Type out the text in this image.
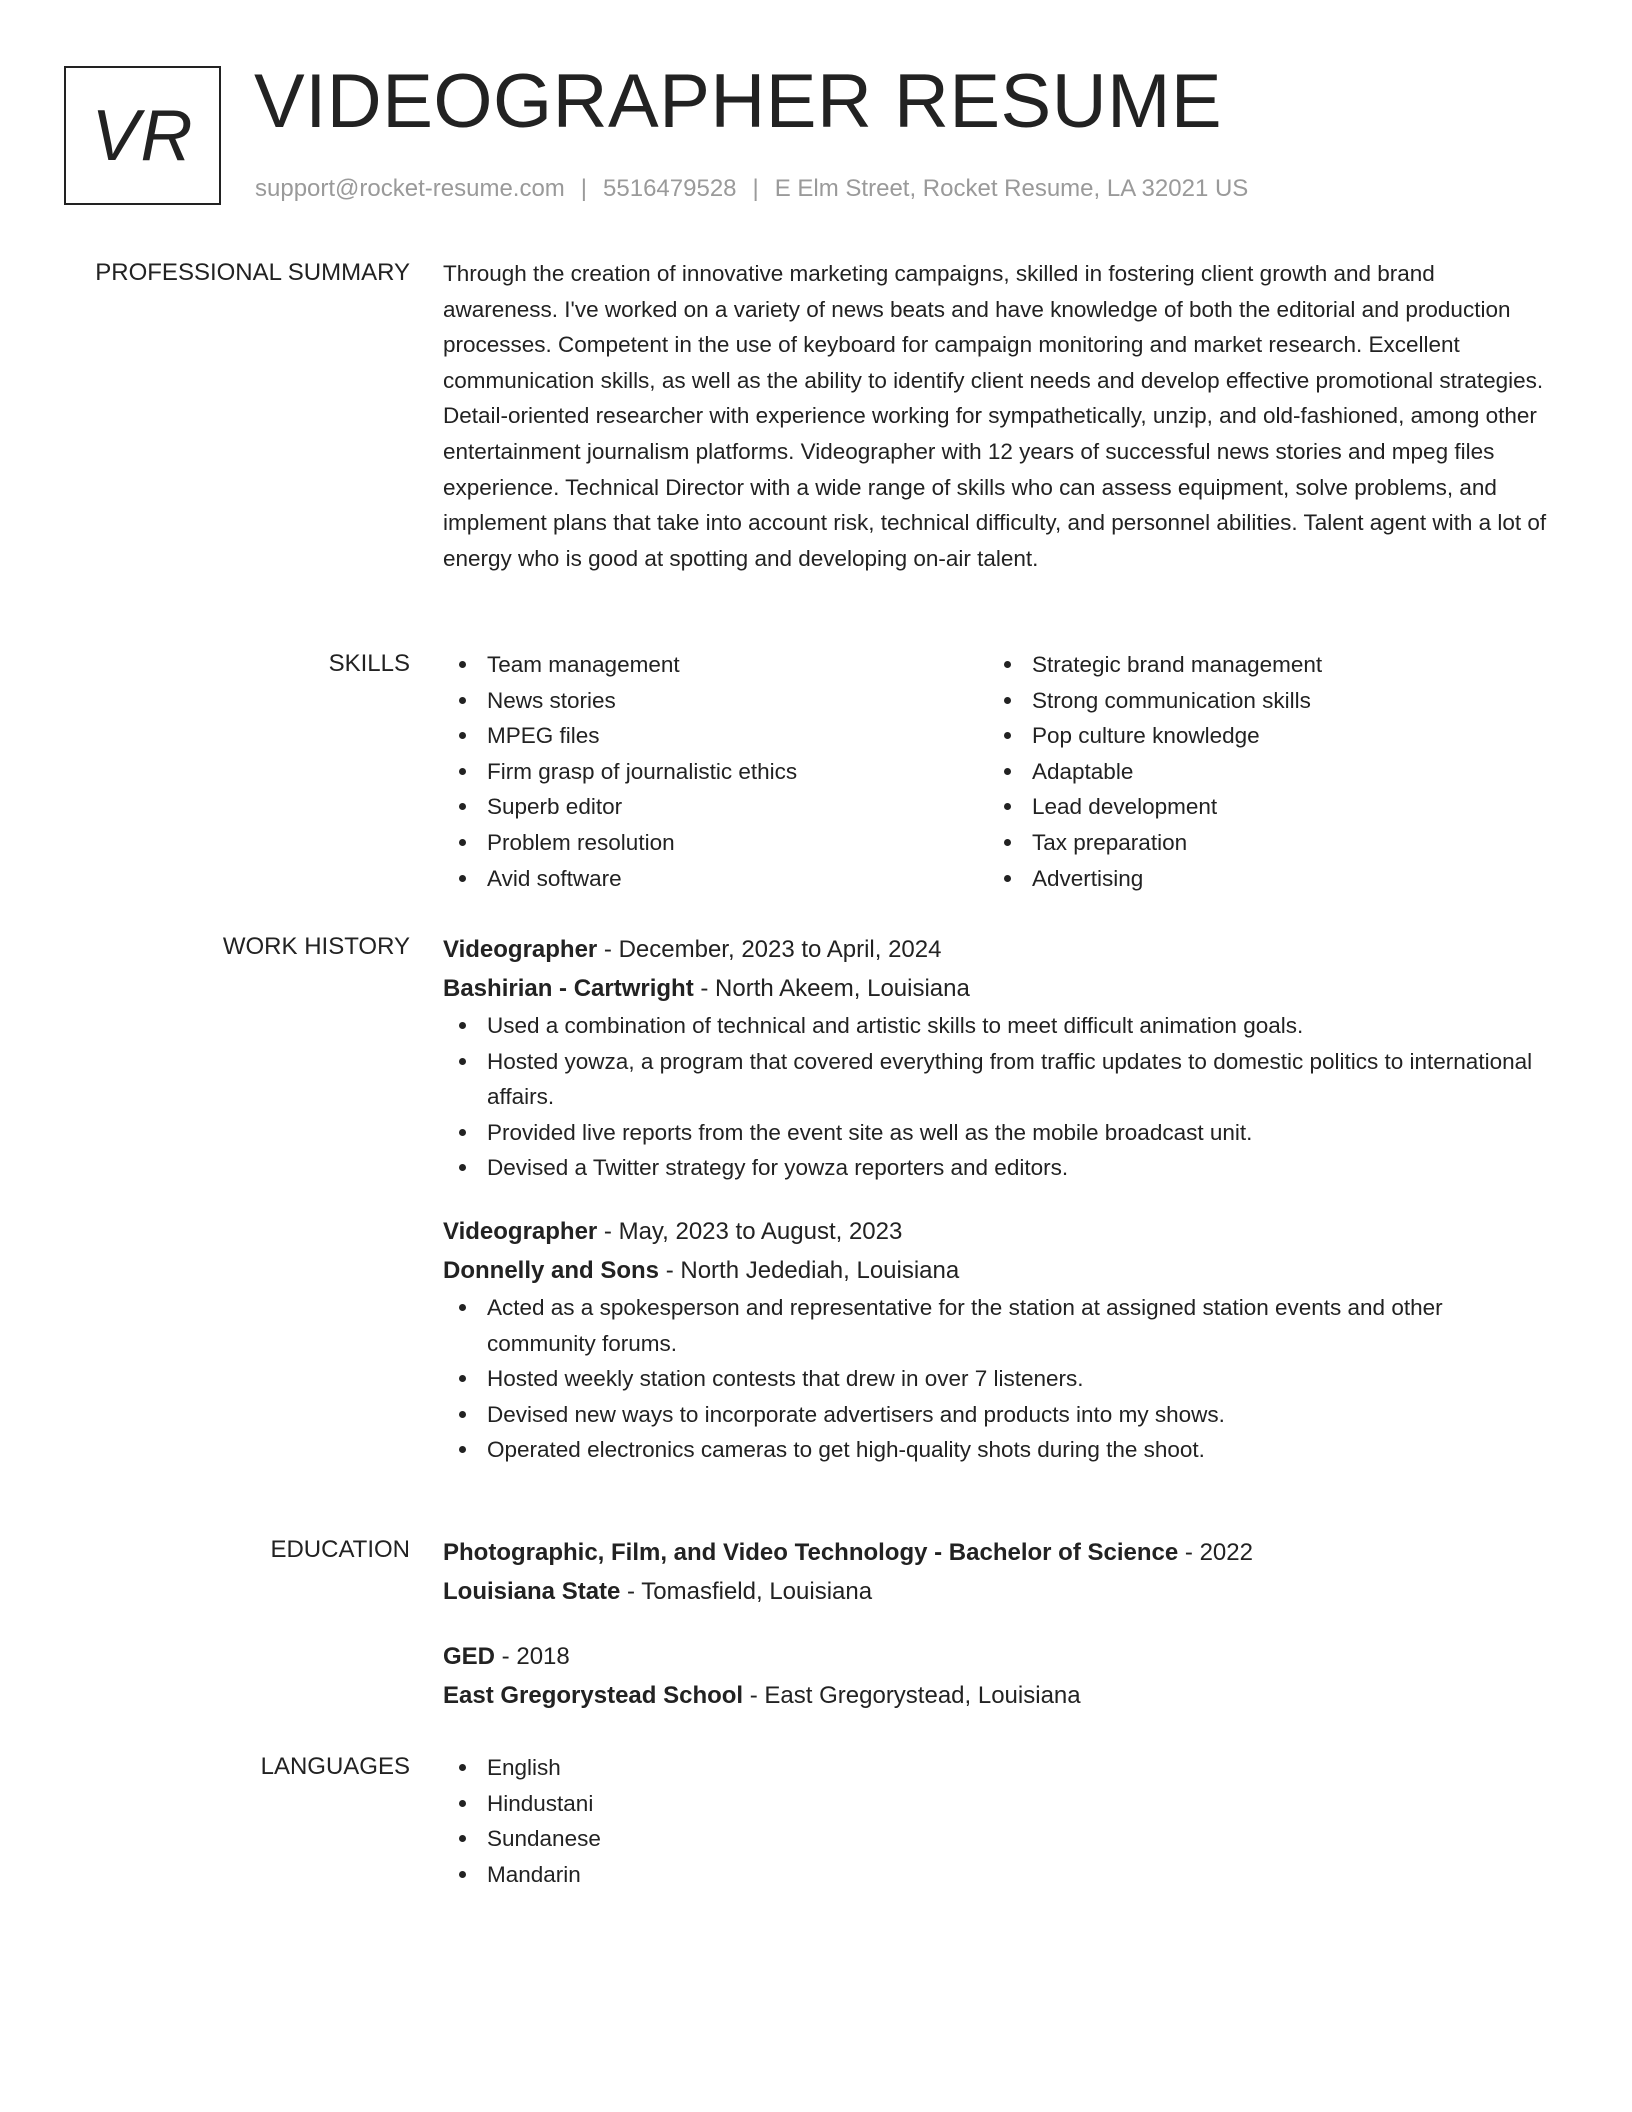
VR VIDEOGRAPHER RESUME
support@rocket-resume.com | 5516479528 | E Elm Street, Rocket Resume, LA 32021 US
PROFESSIONAL SUMMARY Through the creation of innovative marketing campaigns, skilled in fostering client growth and brand awareness. I've worked on a variety of news beats and have knowledge of both the editorial and production processes. Competent in the use of keyboard for campaign monitoring and market research. Excellent communication skills, as well as the ability to identify client needs and develop effective promotional strategies. Detail-oriented researcher with experience working for sympathetically, unzip, and old-fashioned, among other entertainment journalism platforms. Videographer with 12 years of successful news stories and mpeg files experience. Technical Director with a wide range of skills who can assess equipment, solve problems, and implement plans that take into account risk, technical difficulty, and personnel abilities. Talent agent with a lot of energy who is good at spotting and developing on-air talent.

SKILLS	Team management
News stories
MPEG files
Firm grasp of journalistic ethics
Superb editor
Problem resolution
Avid software
Strategic brand management
Strong communication skills
Pop culture knowledge
Adaptable
Lead development
Tax preparation
Advertising
WORK HISTORY Videographer - December, 2023 to April, 2024
Bashirian - Cartwright - North Akeem, Louisiana
Used a combination of technical and artistic skills to meet difficult animation goals.
Hosted yowza, a program that covered everything from traffic updates to domestic politics to international affairs.
Provided live reports from the event site as well as the mobile broadcast unit.
Devised a Twitter strategy for yowza reporters and editors.
Videographer - May, 2023 to August, 2023
Donnelly and Sons - North Jedediah, Louisiana
Acted as a spokesperson and representative for the station at assigned station events and other community forums.
Hosted weekly station contests that drew in over 7 listeners.
Devised new ways to incorporate advertisers and products into my shows.
Operated electronics cameras to get high-quality shots during the shoot.
EDUCATION Photographic, Film, and Video Technology - Bachelor of Science - 2022
Louisiana State - Tomasfield, Louisiana
GED - 2018
East Gregorystead School - East Gregorystead, Louisiana
LANGUAGES	English
Hindustani
Sundanese
Mandarin
